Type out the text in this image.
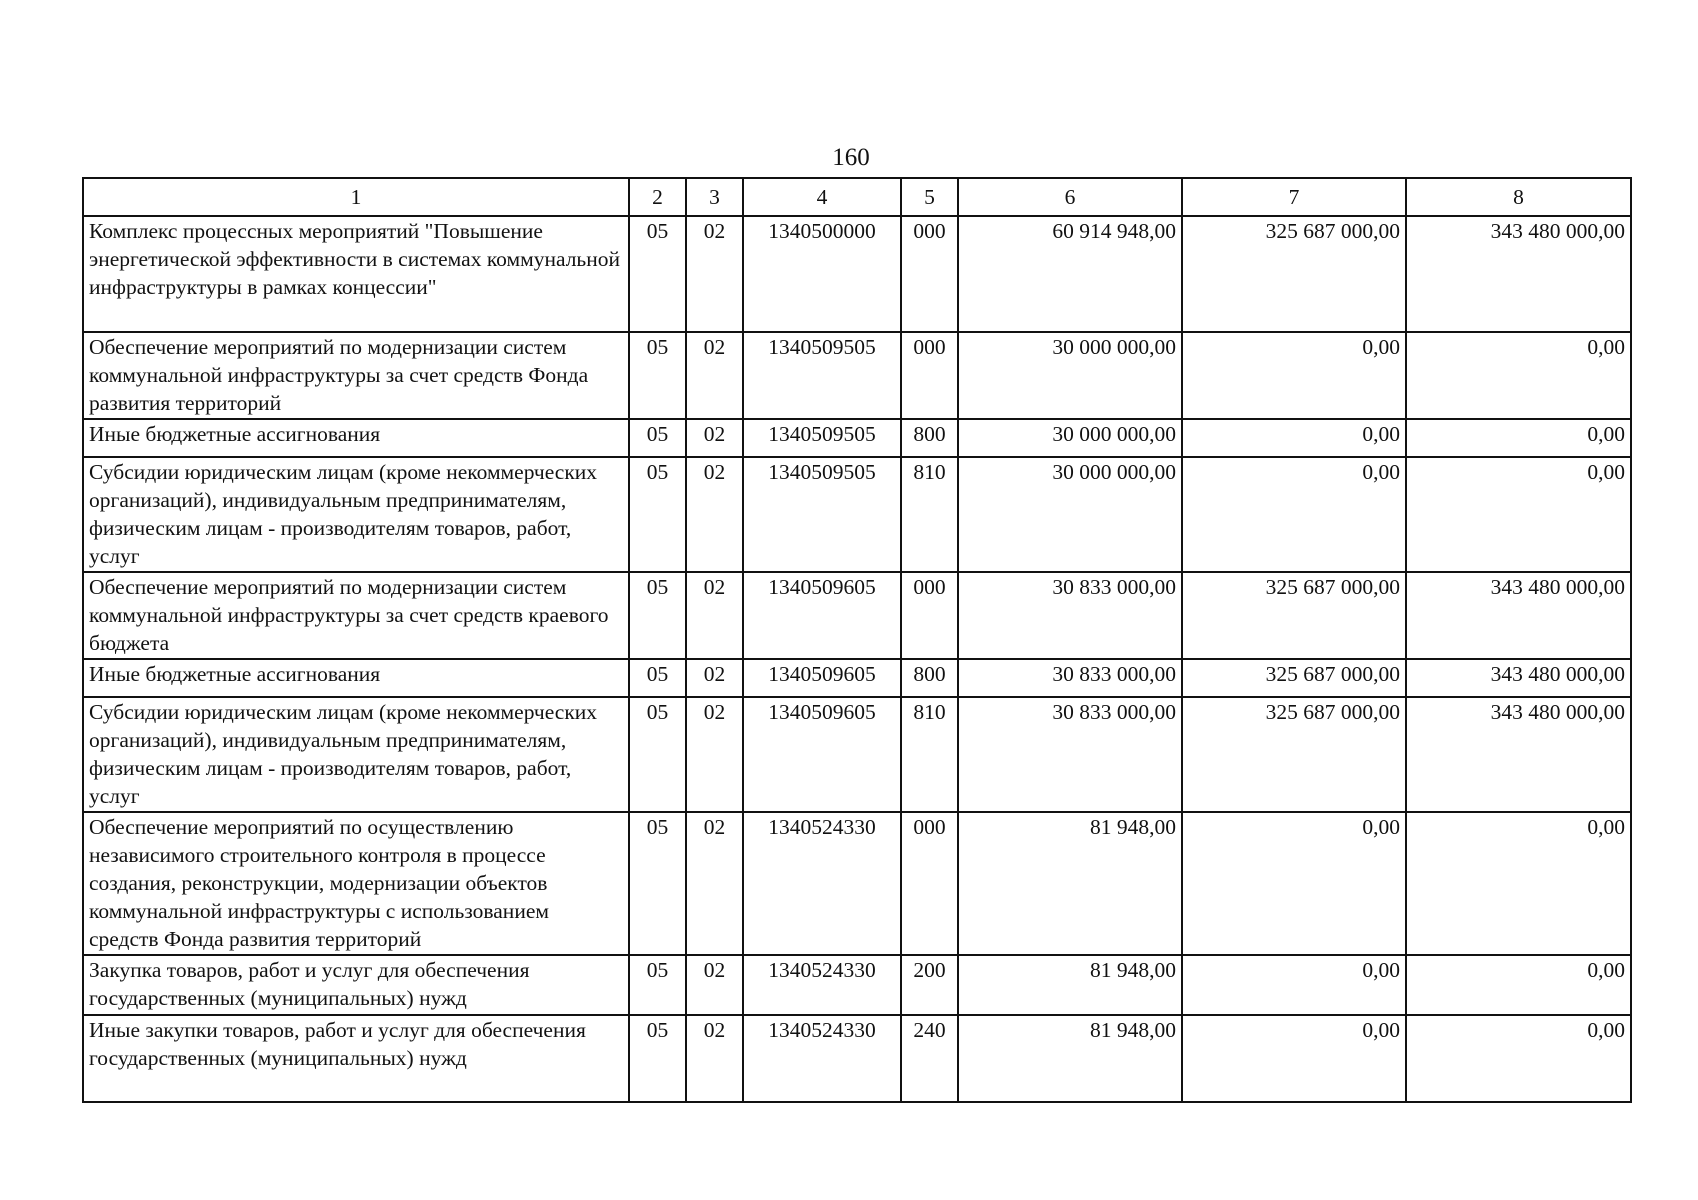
160
1	2	3	4	5	6	7	8
Комплекс процессных мероприятий "Повышение энергетической эффективности в системах коммунальной инфраструктуры в рамках концессии"	05	02	1340500000	000	60 914 948,00	325 687 000,00	343 480 000,00
Обеспечение мероприятий по модернизации систем коммунальной инфраструктуры за счет средств Фонда развития территорий	05	02	1340509505	000	30 000 000,00	0,00	0,00
Иные бюджетные ассигнования	05	02	1340509505	800	30 000 000,00	0,00	0,00
Субсидии юридическим лицам (кроме некоммерческих организаций), индивидуальным предпринимателям, физическим лицам - производителям товаров, работ, услуг	05	02	1340509505	810	30 000 000,00	0,00	0,00
Обеспечение мероприятий по модернизации систем коммунальной инфраструктуры за счет средств краевого бюджета	05	02	1340509605	000	30 833 000,00	325 687 000,00	343 480 000,00
Иные бюджетные ассигнования	05	02	1340509605	800	30 833 000,00	325 687 000,00	343 480 000,00
Субсидии юридическим лицам (кроме некоммерческих организаций), индивидуальным предпринимателям, физическим лицам - производителям товаров, работ, услуг	05	02	1340509605	810	30 833 000,00	325 687 000,00	343 480 000,00
Обеспечение мероприятий по осуществлению независимого строительного контроля в процессе создания, реконструкции, модернизации объектов коммунальной инфраструктуры с использованием средств Фонда развития территорий	05	02	1340524330	000	81 948,00	0,00	0,00
Закупка товаров, работ и услуг для обеспечения государственных (муниципальных) нужд	05	02	1340524330	200	81 948,00	0,00	0,00
Иные закупки товаров, работ и услуг для обеспечения государственных (муниципальных) нужд	05	02	1340524330	240	81 948,00	0,00	0,00
